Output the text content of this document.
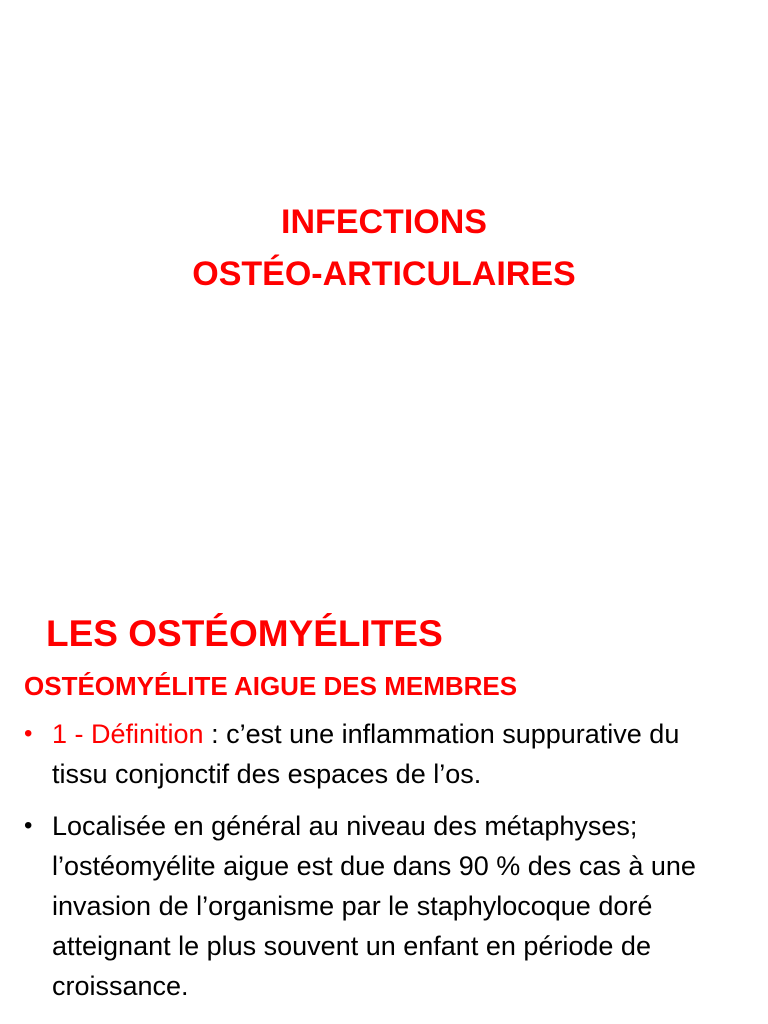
INFECTIONS
OSTÉO-ARTICULAIRES
LES OSTÉOMYÉLITES
OSTÉOMYÉLITE AIGUE DES MEMBRES
• 1 - Définition : c’est une inflammation suppurative du tissu conjonctif des espaces de l’os.
• Localisée en général au niveau des métaphyses; l’ostéomyélite aigue est due dans 90 % des cas à une invasion de l’organisme par le staphylocoque doré atteignant le plus souvent un enfant en période de croissance.
